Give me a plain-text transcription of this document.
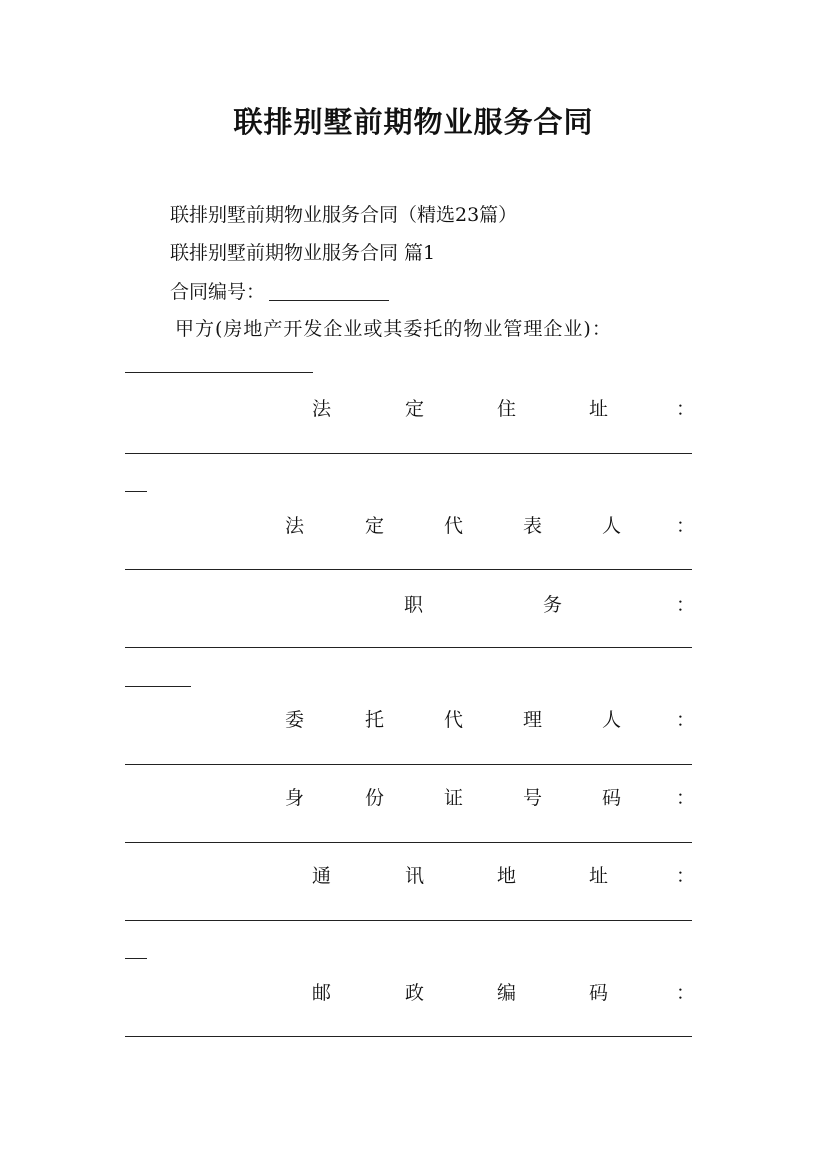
联排别墅前期物业服务合同
联排别墅前期物业服务合同（精选23篇）
联排别墅前期物业服务合同 篇1
合同编号：
甲方(房地产开发企业或其委托的物业管理企业)：
法	定	住	址	：
法	定	代	表	人	：
职	务	：
委	托	代	理	人	：
身	份	证	号	码	：
通	讯	地	址	：
邮	政	编	码	：
